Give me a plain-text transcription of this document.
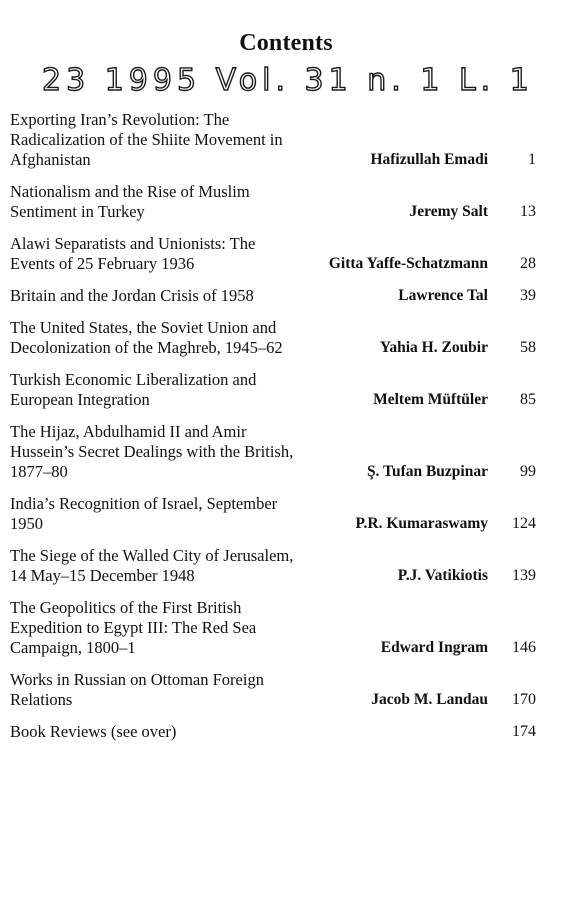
Contents
23 1995 Vol. 31 n. 1 L. 1
Exporting Iran’s Revolution: The
Radicalization of the Shiite Movement in
Afghanistan	Hafizullah Emadi	1
Nationalism and the Rise of Muslim
Sentiment in Turkey	Jeremy Salt	13
Alawi Separatists and Unionists: The
Events of 25 February 1936	Gitta Yaffe-Schatzmann	28
Britain and the Jordan Crisis of 1958	Lawrence Tal	39
The United States, the Soviet Union and
Decolonization of the Maghreb, 1945–62	Yahia H. Zoubir	58
Turkish Economic Liberalization and
European Integration	Meltem Müftüler	85
The Hijaz, Abdulhamid II and Amir
Hussein’s Secret Dealings with the British,
1877–80	Ş. Tufan Buzpinar	99
India’s Recognition of Israel, September
1950	P.R. Kumaraswamy	124
The Siege of the Walled City of Jerusalem,
14 May–15 December 1948	P.J. Vatikiotis	139
The Geopolitics of the First British
Expedition to Egypt III: The Red Sea
Campaign, 1800–1	Edward Ingram	146
Works in Russian on Ottoman Foreign
Relations	Jacob M. Landau	170
Book Reviews (see over)	174
